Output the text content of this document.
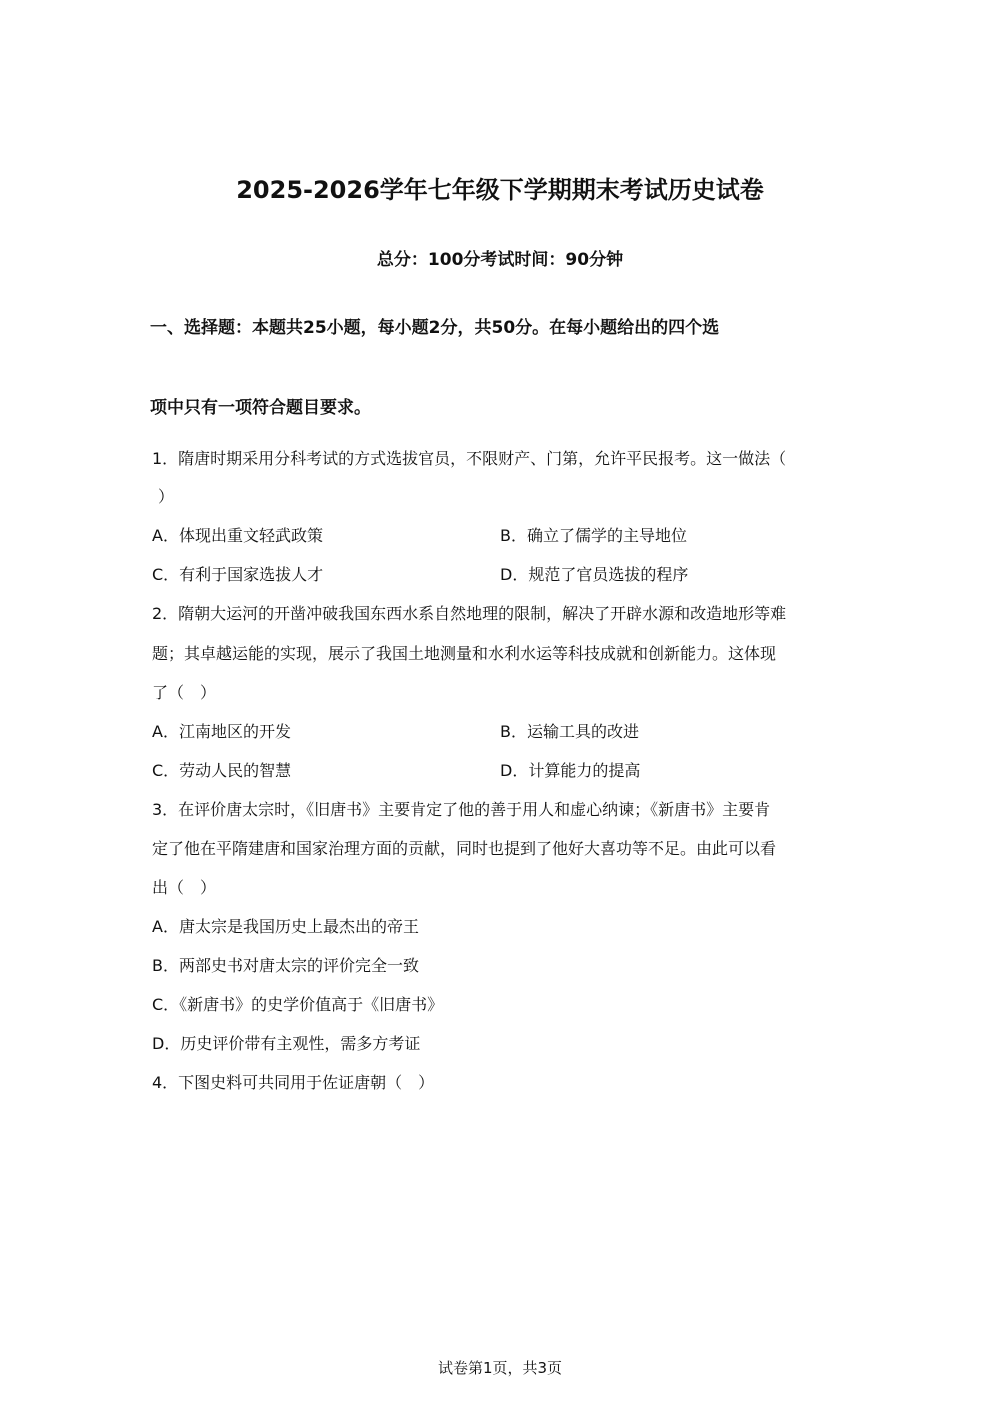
2025-2026学年七年级下学期期末考试历史试卷
总分：100分考试时间：90分钟
一、选择题：本题共25小题，每小题2分，共50分。在每小题给出的四个选
项中只有一项符合题目要求。
1．隋唐时期采用分科考试的方式选拔官员，不限财产、门第，允许平民报考。这一做法（
）
A．体现出重文轻武政策	B．确立了儒学的主导地位
C．有利于国家选拔人才	D．规范了官员选拔的程序
2．隋朝大运河的开凿冲破我国东西水系自然地理的限制，解决了开辟水源和改造地形等难
题；其卓越运能的实现，展示了我国土地测量和水利水运等科技成就和创新能力。这体现
了（　）
A．江南地区的开发	B．运输工具的改进
C．劳动人民的智慧	D．计算能力的提高
3．在评价唐太宗时，《旧唐书》主要肯定了他的善于用人和虚心纳谏；《新唐书》主要肯
定了他在平隋建唐和国家治理方面的贡献，同时也提到了他好大喜功等不足。由此可以看
出（　）
A．唐太宗是我国历史上最杰出的帝王
B．两部史书对唐太宗的评价完全一致
C．《新唐书》的史学价值高于《旧唐书》
D．历史评价带有主观性，需多方考证
4．下图史料可共同用于佐证唐朝（　）
试卷第1页，共3页
